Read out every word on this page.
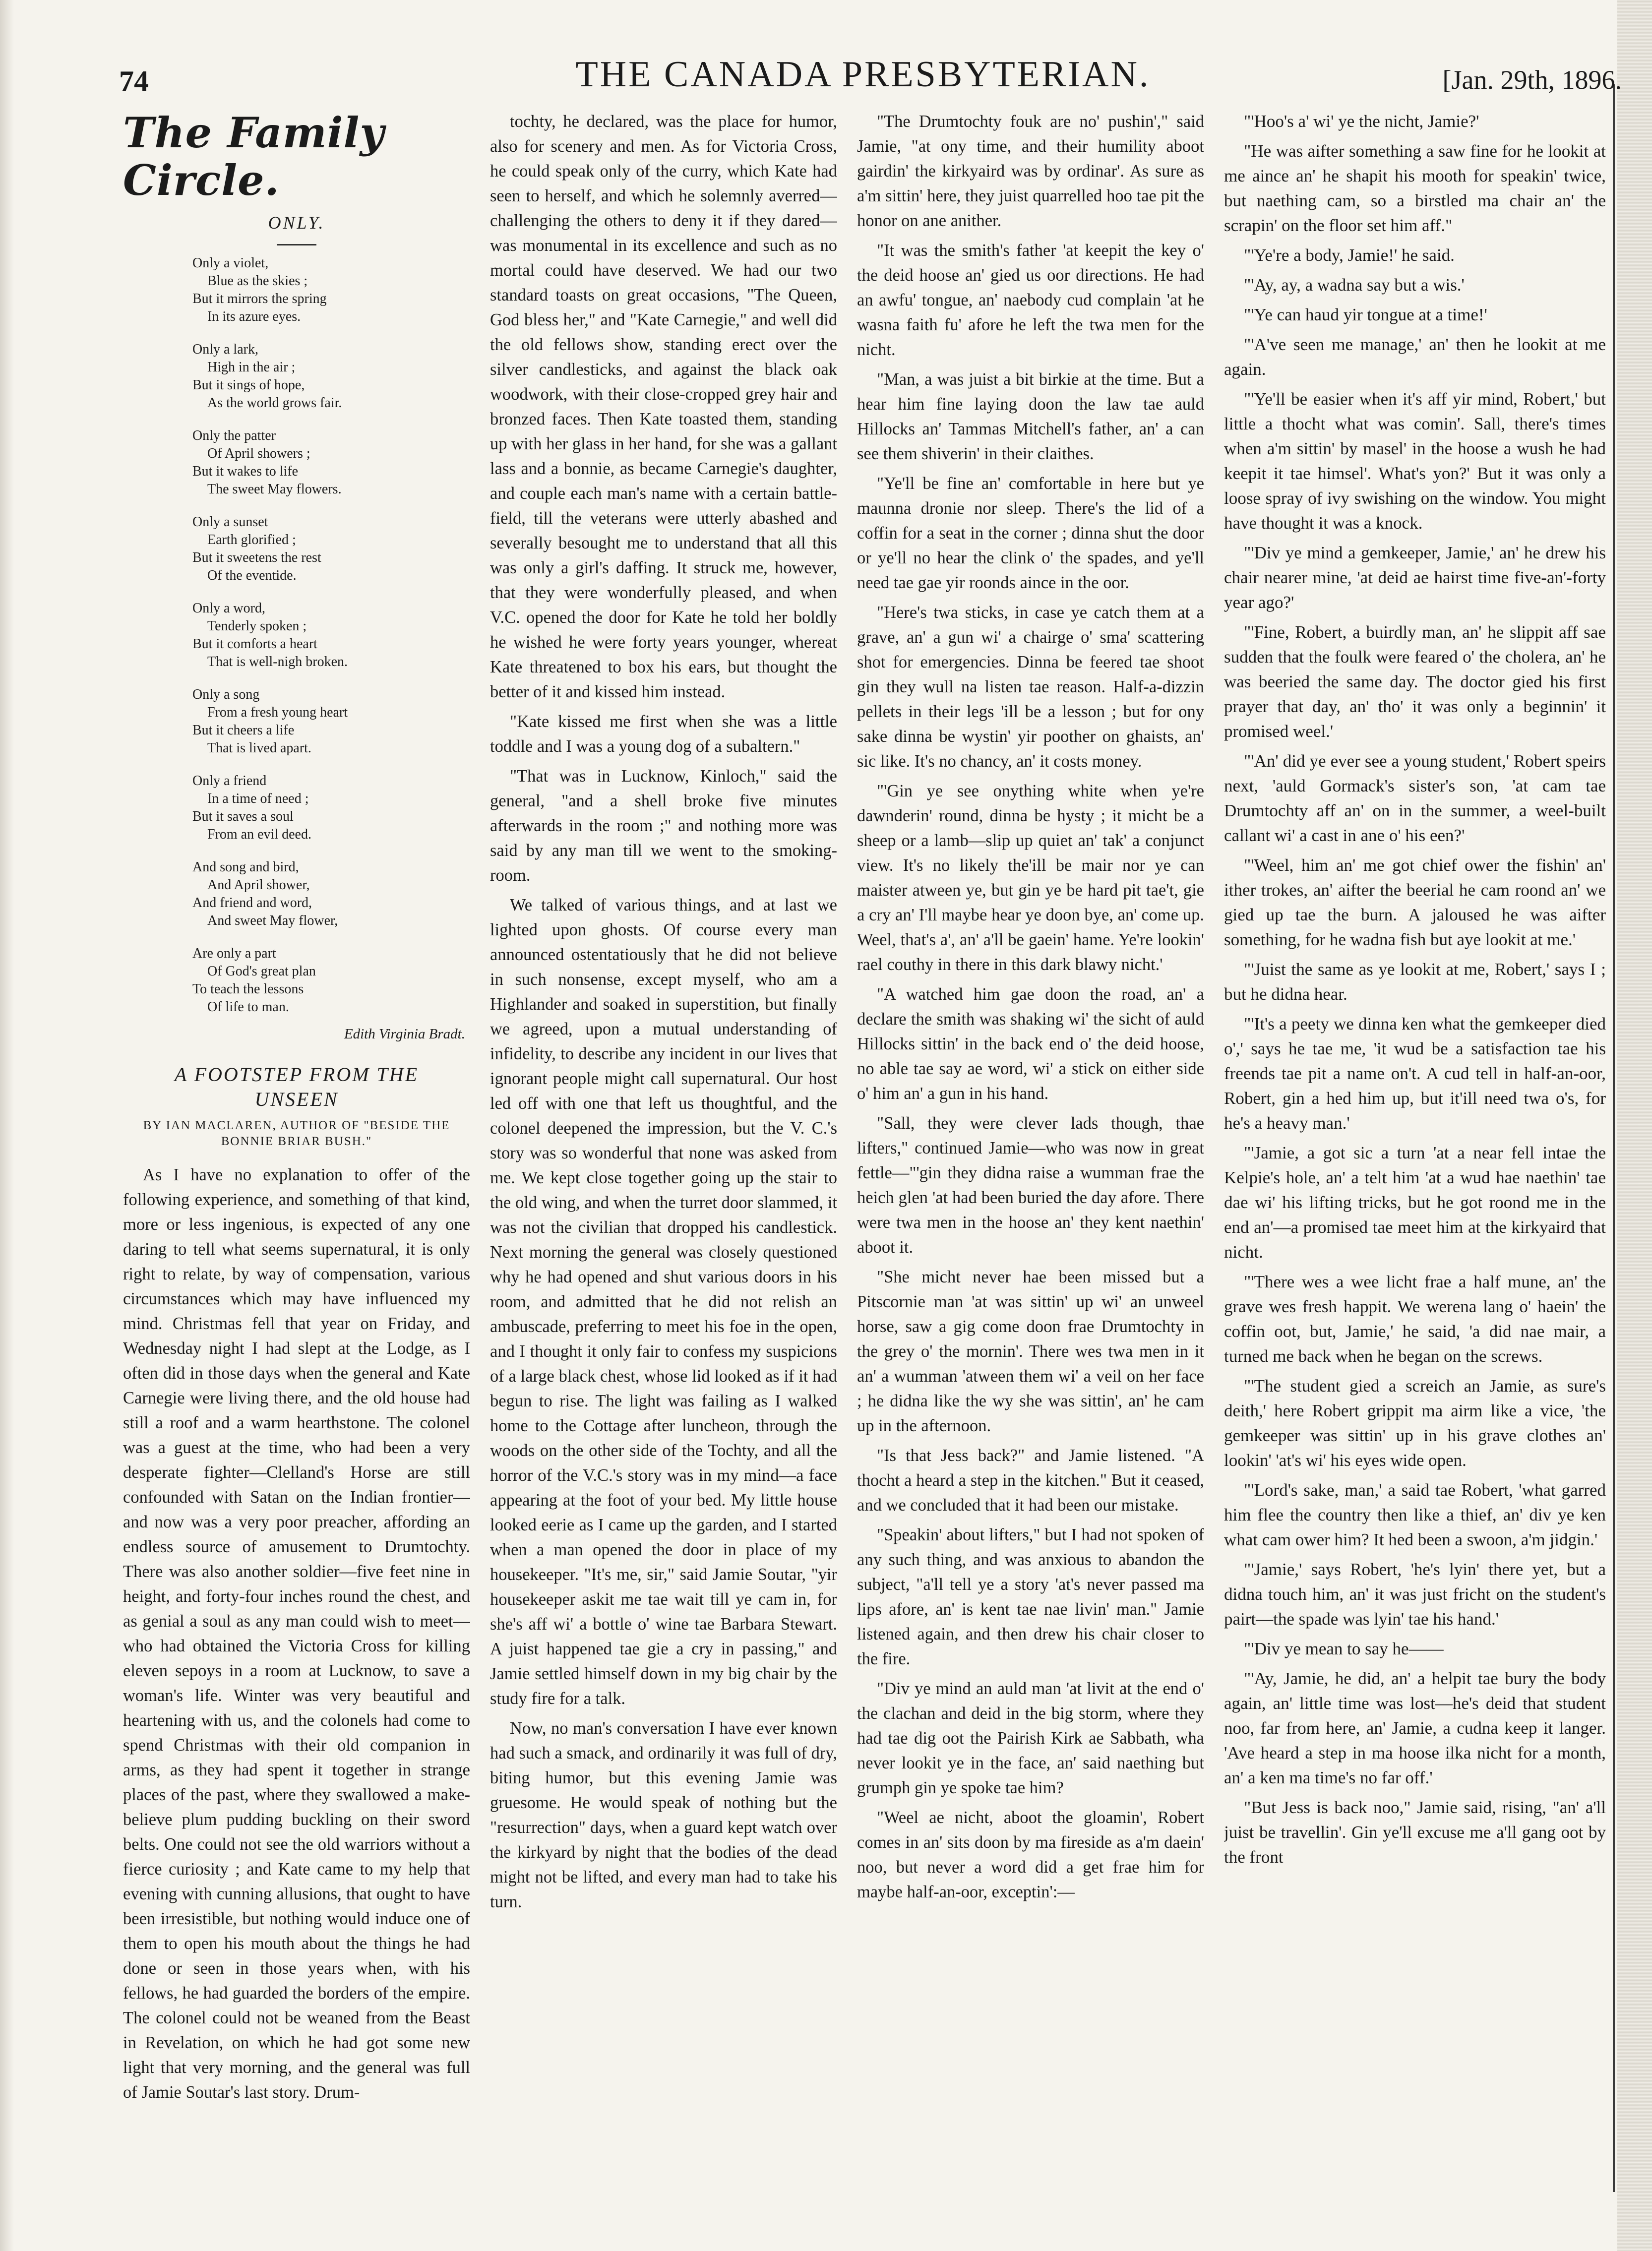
74	THE CANADA PRESBYTERIAN.	[Jan. 29th, 1896.
The Family Circle.
ONLY.
Only a violet,
Blue as the skies ;
But it mirrors the spring
In its azure eyes.
Only a lark,
High in the air ;
But it sings of hope,
As the world grows fair.
Only the patter
Of April showers ;
But it wakes to life
The sweet May flowers.
Only a sunset
Earth glorified ;
But it sweetens the rest
Of the eventide.
Only a word,
Tenderly spoken ;
But it comforts a heart
That is well-nigh broken.
Only a song
From a fresh young heart
But it cheers a life
That is lived apart.
Only a friend
In a time of need ;
But it saves a soul
From an evil deed.
And song and bird,
And April shower,
And friend and word,
And sweet May flower,
Are only a part
Of God's great plan
To teach the lessons
Of life to man.
Edith Virginia Bradt.
A FOOTSTEP FROM THE UNSEEN
BY IAN MACLAREN, AUTHOR OF "BESIDE THE BONNIE BRIAR BUSH."

As I have no explanation to offer of the following experience, and something of that kind, more or less ingenious, is expected of any one daring to tell what seems supernatural, it is only right to relate, by way of compensation, various circumstances which may have influenced my mind. Christmas fell that year on Friday, and Wednesday night I had slept at the Lodge, as I often did in those days when the general and Kate Carnegie were living there, and the old house had still a roof and a warm hearthstone. The colonel was a guest at the time, who had been a very desperate fighter—Clelland's Horse are still confounded with Satan on the Indian frontier—and now was a very poor preacher, affording an endless source of amusement to Drumtochty. There was also another soldier—five feet nine in height, and forty-four inches round the chest, and as genial a soul as any man could wish to meet—who had obtained the Victoria Cross for killing eleven sepoys in a room at Lucknow, to save a woman's life. Winter was very beautiful and heartening with us, and the colonels had come to spend Christmas with their old companion in arms, as they had spent it together in strange places of the past, where they swallowed a make-believe plum pudding buckling on their sword belts. One could not see the old warriors without a fierce curiosity ; and Kate came to my help that evening with cunning allusions, that ought to have been irresistible, but nothing would induce one of them to open his mouth about the things he had done or seen in those years when, with his fellows, he had guarded the borders of the empire. The colonel could not be weaned from the Beast in Revelation, on which he had got some new light that very morning, and the general was full of Jamie Soutar's last story. Drum-

tochty, he declared, was the place for humor, also for scenery and men. As for Victoria Cross, he could speak only of the curry, which Kate had seen to herself, and which he solemnly averred—challenging the others to deny it if they dared—was monumental in its excellence and such as no mortal could have deserved. We had our two standard toasts on great occasions, "The Queen, God bless her," and "Kate Carnegie," and well did the old fellows show, standing erect over the silver candlesticks, and against the black oak woodwork, with their close-cropped grey hair and bronzed faces. Then Kate toasted them, standing up with her glass in her hand, for she was a gallant lass and a bonnie, as became Carnegie's daughter, and couple each man's name with a certain battle-field, till the veterans were utterly abashed and severally besought me to understand that all this was only a girl's daffing. It struck me, however, that they were wonderfully pleased, and when V.C. opened the door for Kate he told her boldly he wished he were forty years younger, whereat Kate threatened to box his ears, but thought the better of it and kissed him instead.

"Kate kissed me first when she was a little toddle and I was a young dog of a subaltern."

"That was in Lucknow, Kinloch," said the general, "and a shell broke five minutes afterwards in the room ;" and nothing more was said by any man till we went to the smoking-room.

We talked of various things, and at last we lighted upon ghosts. Of course every man announced ostentatiously that he did not believe in such nonsense, except myself, who am a Highlander and soaked in superstition, but finally we agreed, upon a mutual understanding of infidelity, to describe any incident in our lives that ignorant people might call supernatural. Our host led off with one that left us thoughtful, and the colonel deepened the impression, but the V. C.'s story was so wonderful that none was asked from me. We kept close together going up the stair to the old wing, and when the turret door slammed, it was not the civilian that dropped his candlestick. Next morning the general was closely questioned why he had opened and shut various doors in his room, and admitted that he did not relish an ambuscade, preferring to meet his foe in the open, and I thought it only fair to confess my suspicions of a large black chest, whose lid looked as if it had begun to rise. The light was failing as I walked home to the Cottage after luncheon, through the woods on the other side of the Tochty, and all the horror of the V.C.'s story was in my mind—a face appearing at the foot of your bed. My little house looked eerie as I came up the garden, and I started when a man opened the door in place of my housekeeper. "It's me, sir," said Jamie Soutar, "yir housekeeper askit me tae wait till ye cam in, for she's aff wi' a bottle o' wine tae Barbara Stewart. A juist happened tae gie a cry in passing," and Jamie settled himself down in my big chair by the study fire for a talk.

Now, no man's conversation I have ever known had such a smack, and ordinarily it was full of dry, biting humor, but this evening Jamie was gruesome. He would speak of nothing but the "resurrection" days, when a guard kept watch over the kirkyard by night that the bodies of the dead might not be lifted, and every man had to take his turn.

"The Drumtochty fouk are no' pushin'," said Jamie, "at ony time, and their humility aboot gairdin' the kirkyaird was by ordinar'. As sure as a'm sittin' here, they juist quarrelled hoo tae pit the honor on ane anither.

"It was the smith's father 'at keepit the key o' the deid hoose an' gied us oor directions. He had an awfu' tongue, an' naebody cud complain 'at he wasna faith fu' afore he left the twa men for the nicht.

"Man, a was juist a bit birkie at the time. But a hear him fine laying doon the law tae auld Hillocks an' Tammas Mitchell's father, an' a can see them shiverin' in their claithes.

"Ye'll be fine an' comfortable in here but ye maunna dronie nor sleep. There's the lid of a coffin for a seat in the corner ; dinna shut the door or ye'll no hear the clink o' the spades, and ye'll need tae gae yir roonds aince in the oor.

"Here's twa sticks, in case ye catch them at a grave, an' a gun wi' a chairge o' sma' scattering shot for emergencies. Dinna be feered tae shoot gin they wull na listen tae reason. Half-a-dizzin pellets in their legs 'ill be a lesson ; but for ony sake dinna be wystin' yir poother on ghaists, an' sic like. It's no chancy, an' it costs money.

"'Gin ye see onything white when ye're dawnderin' round, dinna be hysty ; it micht be a sheep or a lamb—slip up quiet an' tak' a conjunct view. It's no likely the'ill be mair nor ye can maister atween ye, but gin ye be hard pit tae't, gie a cry an' I'll maybe hear ye doon bye, an' come up. Weel, that's a', an' a'll be gaein' hame. Ye're lookin' rael couthy in there in this dark blawy nicht.'

"A watched him gae doon the road, an' a declare the smith was shaking wi' the sicht of auld Hillocks sittin' in the back end o' the deid hoose, no able tae say ae word, wi' a stick on either side o' him an' a gun in his hand.

"Sall, they were clever lads though, thae lifters," continued Jamie—who was now in great fettle—"'gin they didna raise a wumman frae the heich glen 'at had been buried the day afore. There were twa men in the hoose an' they kent naethin' aboot it.

"She micht never hae been missed but a Pitscornie man 'at was sittin' up wi' an unweel horse, saw a gig come doon frae Drumtochty in the grey o' the mornin'. There wes twa men in it an' a wumman 'atween them wi' a veil on her face ; he didna like the wy she was sittin', an' he cam up in the afternoon.

"Is that Jess back?" and Jamie listened. "A thocht a heard a step in the kitchen." But it ceased, and we concluded that it had been our mistake.

"Speakin' about lifters," but I had not spoken of any such thing, and was anxious to abandon the subject, "a'll tell ye a story 'at's never passed ma lips afore, an' is kent tae nae livin' man." Jamie listened again, and then drew his chair closer to the fire.

"Div ye mind an auld man 'at livit at the end o' the clachan and deid in the big storm, where they had tae dig oot the Pairish Kirk ae Sabbath, wha never lookit ye in the face, an' said naething but grumph gin ye spoke tae him?

"Weel ae nicht, aboot the gloamin', Robert comes in an' sits doon by ma fireside as a'm daein' noo, but never a word did a get frae him for maybe half-an-oor, exceptin':—

"'Hoo's a' wi' ye the nicht, Jamie?'

"He was aifter something a saw fine for he lookit at me aince an' he shapit his mooth for speakin' twice, but naething cam, so a birstled ma chair an' the scrapin' on the floor set him aff."

"'Ye're a body, Jamie!' he said.

"'Ay, ay, a wadna say but a wis.'

"'Ye can haud yir tongue at a time!'

"'A've seen me manage,' an' then he lookit at me again.

"'Ye'll be easier when it's aff yir mind, Robert,' but little a thocht what was comin'. Sall, there's times when a'm sittin' by masel' in the hoose a wush he had keepit it tae himsel'. What's yon?' But it was only a loose spray of ivy swishing on the window. You might have thought it was a knock.

"'Div ye mind a gemkeeper, Jamie,' an' he drew his chair nearer mine, 'at deid ae hairst time five-an'-forty year ago?'

"'Fine, Robert, a buirdly man, an' he slippit aff sae sudden that the foulk were feared o' the cholera, an' he was beeried the same day. The doctor gied his first prayer that day, an' tho' it was only a beginnin' it promised weel.'

"'An' did ye ever see a young student,' Robert speirs next, 'auld Gormack's sister's son, 'at cam tae Drumtochty aff an' on in the summer, a weel-built callant wi' a cast in ane o' his een?'

"'Weel, him an' me got chief ower the fishin' an' ither trokes, an' aifter the beerial he cam roond an' we gied up tae the burn. A jaloused he was aifter something, for he wadna fish but aye lookit at me.'

"'Juist the same as ye lookit at me, Robert,' says I ; but he didna hear.

"'It's a peety we dinna ken what the gemkeeper died o',' says he tae me, 'it wud be a satisfaction tae his freends tae pit a name on't. A cud tell in half-an-oor, Robert, gin a hed him up, but it'ill need twa o's, for he's a heavy man.'

"'Jamie, a got sic a turn 'at a near fell intae the Kelpie's hole, an' a telt him 'at a wud hae naethin' tae dae wi' his lifting tricks, but he got roond me in the end an'—a promised tae meet him at the kirkyaird that nicht.

"'There wes a wee licht frae a half mune, an' the grave wes fresh happit. We werena lang o' haein' the coffin oot, but, Jamie,' he said, 'a did nae mair, a turned me back when he began on the screws.

"'The student gied a screich an Jamie, as sure's deith,' here Robert grippit ma airm like a vice, 'the gemkeeper was sittin' up in his grave clothes an' lookin' 'at's wi' his eyes wide open.

"'Lord's sake, man,' a said tae Robert, 'what garred him flee the country then like a thief, an' div ye ken what cam ower him? It hed been a swoon, a'm jidgin.'

"'Jamie,' says Robert, 'he's lyin' there yet, but a didna touch him, an' it was just fricht on the student's pairt—the spade was lyin' tae his hand.'

"'Div ye mean to say he——

"'Ay, Jamie, he did, an' a helpit tae bury the body again, an' little time was lost—he's deid that student noo, far from here, an' Jamie, a cudna keep it langer. 'Ave heard a step in ma hoose ilka nicht for a month, an' a ken ma time's no far off.'

"But Jess is back noo," Jamie said, rising, "an' a'll juist be travellin'. Gin ye'll excuse me a'll gang oot by the front
